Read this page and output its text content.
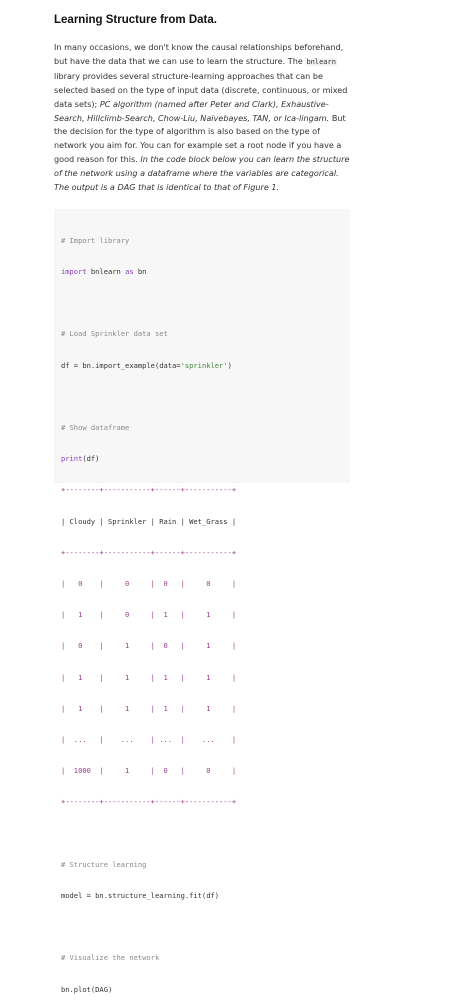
Learning Structure from Data.

In many occasions, we don't know the causal relationships beforehand, but have the data that we can use to learn the structure. The bnlearn library provides several structure-learning approaches that can be selected based on the type of input data (discrete, continuous, or mixed data sets); PC algorithm (named after Peter and Clark), Exhaustive-Search, Hillclimb-Search, Chow-Liu, Naivebayes, TAN, or Ica-lingam. But the decision for the type of algorithm is also based on the type of network you aim for. You can for example set a root node if you have a good reason for this. In the code block below you can learn the structure of the network using a dataframe where the variables are categorical. The output is a DAG that is identical to that of Figure 1.

# Import library

import bnlearn as bn

# Load Sprinkler data set

df = bn.import_example(data='sprinkler')

# Show dataframe

print(df)

+--------+-----------+------+-----------+

| Cloudy | Sprinkler | Rain | Wet_Grass |

+--------+-----------+------+-----------+

|   0    |     0     |  0   |     0     |

|   1    |     0     |  1   |     1     |

|   0    |     1     |  0   |     1     |

|   1    |     1     |  1   |     1     |

|   1    |     1     |  1   |     1     |

|  ...   |    ...    | ...  |    ...    |

|  1000  |     1     |  0   |     0     |

+--------+-----------+------+-----------+

# Structure learning

model = bn.structure_learning.fit(df)

# Visualize the network

bn.plot(DAG)
